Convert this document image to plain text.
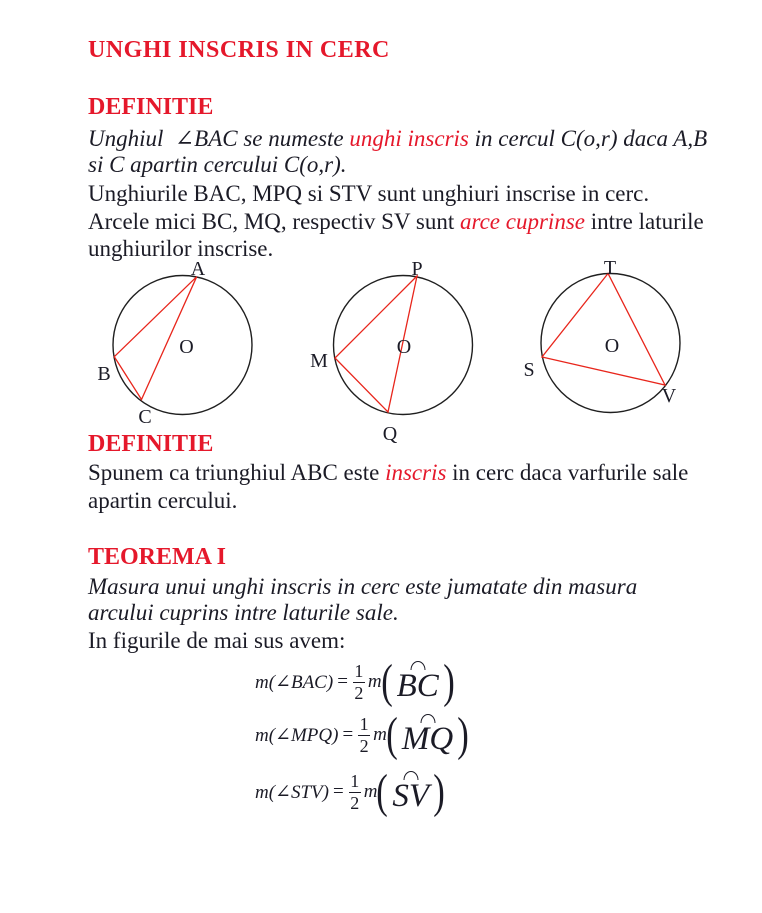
UNGHI INSCRIS IN CERC
DEFINITIE
Unghiul  ∠BAC se numeste unghi inscris in cercul C(o,r) daca A,B
si C apartin cercului C(o,r).
Unghiurile BAC, MPQ si STV sunt unghiuri inscrise in cerc.
Arcele mici BC, MQ, respectiv SV sunt arce cuprinse intre laturile
unghiurilor inscrise.
A
B
C
O
P
M
Q
O
T
S
V
O
DEFINITIE
Spunem ca triunghiul ABC este inscris in cerc daca varfurile sale
apartin cercului.
TEOREMA I
Masura unui unghi inscris in cerc este jumatate din masura
arcului cuprins intre laturile sale.
In figurile de mai sus avem:
m(∠BAC) = $\frac{1}{2}$ m ( BC )
m(∠MPQ) = $\frac{1}{2}$ m ( MQ )
m(∠STV) = $\frac{1}{2}$ m ( SV )
